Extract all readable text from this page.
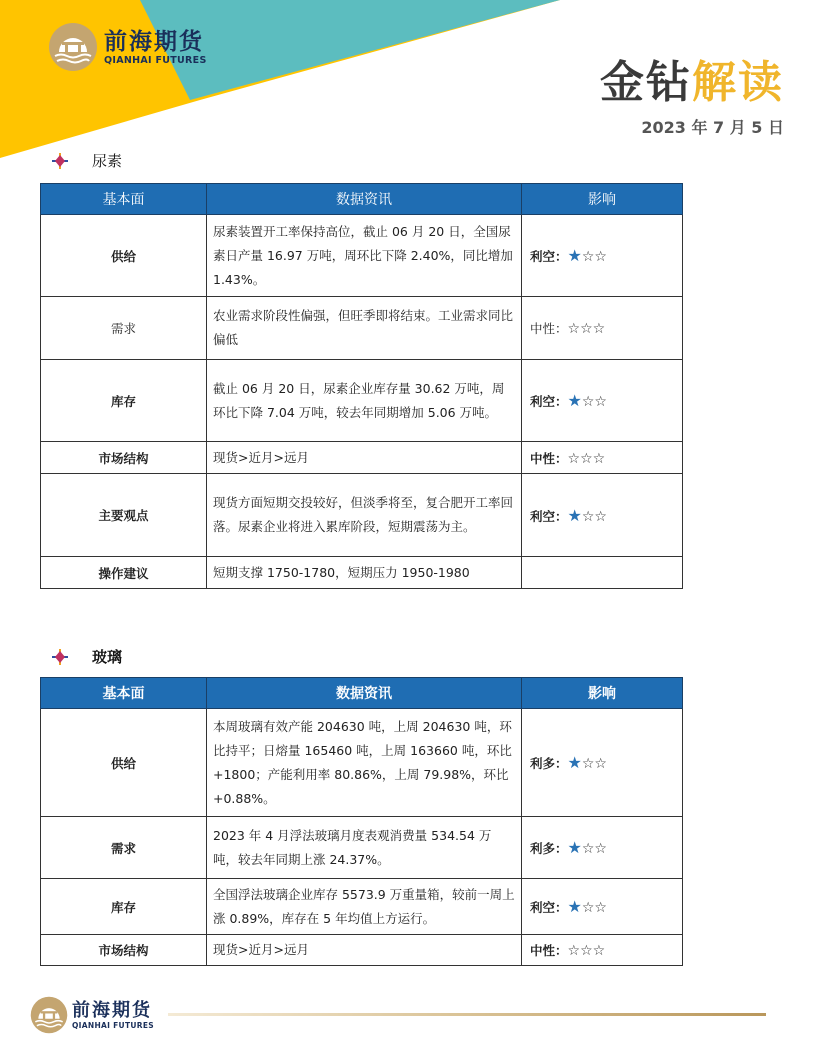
前海期货
QIANHAI FUTURES	金钻解读
2023 年 7 月 5 日
尿素
基本面	数据资讯	影响
供给	尿素装置开工率保持高位，截止 06 月 20 日，全国尿素日产量 16.97 万吨，周环比下降 2.40%，同比增加 1.43%。	利空：★☆☆
需求	农业需求阶段性偏强，但旺季即将结束。工业需求同比偏低	中性：☆☆☆
库存	截止 06 月 20 日，尿素企业库存量 30.62 万吨，周环比下降 7.04 万吨，较去年同期增加 5.06 万吨。	利空：★☆☆
市场结构	现货>近月>远月	中性：☆☆☆
主要观点	现货方面短期交投较好，但淡季将至，复合肥开工率回落。尿素企业将进入累库阶段，短期震荡为主。	利空：★☆☆
操作建议	短期支撑 1750-1780，短期压力 1950-1980	
玻璃
基本面	数据资讯	影响
供给	本周玻璃有效产能 204630 吨，上周 204630 吨，环比持平；日熔量 165460 吨，上周 163660 吨，环比+1800；产能利用率 80.86%，上周 79.98%，环比+0.88%。	利多：★☆☆
需求	2023 年 4 月浮法玻璃月度表观消费量 534.54 万吨，较去年同期上涨 24.37%。	利多：★☆☆
库存	全国浮法玻璃企业库存 5573.9 万重量箱，较前一周上涨 0.89%，库存在 5 年均值上方运行。	利空：★☆☆
市场结构	现货>近月>远月	中性：☆☆☆
前海期货
QIANHAI FUTURES
